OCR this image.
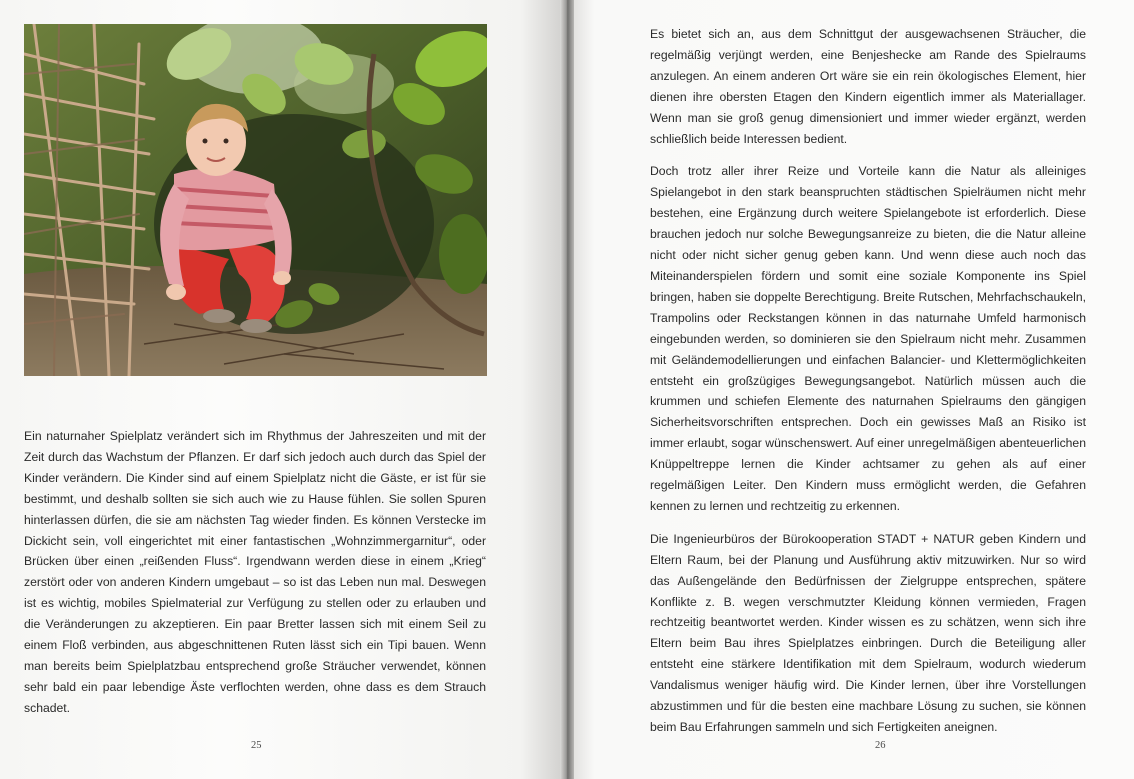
Ein naturnaher Spielplatz verändert sich im Rhythmus der Jahreszeiten und mit der Zeit durch das Wachstum der Pflanzen. Er darf sich jedoch auch durch das Spiel der Kinder verändern. Die Kinder sind auf einem Spielplatz nicht die Gäste, er ist für sie bestimmt, und deshalb sollten sie sich auch wie zu Hause fühlen. Sie sollen Spuren hinterlassen dürfen, die sie am nächsten Tag wieder finden. Es können Verstecke im Dickicht sein, voll eingerichtet mit einer fantastischen „Wohnzimmergarnitur“, oder Brücken über einen „reißenden Fluss“. Irgendwann werden diese in einem „Krieg“ zerstört oder von anderen Kindern umgebaut – so ist das Leben nun mal. Deswegen ist es wichtig, mobiles Spielmaterial zur Verfügung zu stellen oder zu erlauben und die Veränderungen zu akzeptieren. Ein paar Bretter lassen sich mit einem Seil zu einem Floß verbinden, aus abgeschnittenen Ruten lässt sich ein Tipi bauen. Wenn man bereits beim Spielplatzbau entsprechend große Sträucher verwendet, können sehr bald ein paar lebendige Äste verflochten werden, ohne dass es dem Strauch schadet.

25

Es bietet sich an, aus dem Schnittgut der ausgewachsenen Sträucher, die regelmäßig verjüngt werden, eine Benjeshecke am Rande des Spielraums anzulegen. An einem anderen Ort wäre sie ein rein ökologisches Element, hier dienen ihre obersten Etagen den Kindern eigentlich immer als Materiallager. Wenn man sie groß genug dimensioniert und immer wieder ergänzt, werden schließlich beide Interessen bedient.

Doch trotz aller ihrer Reize und Vorteile kann die Natur als alleiniges Spielangebot in den stark beanspruchten städtischen Spielräumen nicht mehr bestehen, eine Ergänzung durch weitere Spielangebote ist erforderlich. Diese brauchen jedoch nur solche Bewegungsanreize zu bieten, die die Natur alleine nicht oder nicht sicher genug geben kann. Und wenn diese auch noch das Miteinanderspielen fördern und somit eine soziale Komponente ins Spiel bringen, haben sie doppelte Berechtigung. Breite Rutschen, Mehrfachschaukeln, Trampolins oder Reckstangen können in das naturnahe Umfeld harmonisch eingebunden werden, so dominieren sie den Spielraum nicht mehr. Zusammen mit Geländemodellierungen und einfachen Balancier- und Klettermöglichkeiten entsteht ein großzügiges Bewegungsangebot. Natürlich müssen auch die krummen und schiefen Elemente des naturnahen Spielraums den gängigen Sicherheitsvorschriften entsprechen. Doch ein gewisses Maß an Risiko ist immer erlaubt, sogar wünschenswert. Auf einer unregelmäßigen abenteuerlichen Knüppeltreppe lernen die Kinder achtsamer zu gehen als auf einer regelmäßigen Leiter. Den Kindern muss ermöglicht werden, die Gefahren kennen zu lernen und rechtzeitig zu erkennen.

Die Ingenieurbüros der Bürokooperation STADT + NATUR geben Kindern und Eltern Raum, bei der Planung und Ausführung aktiv mitzuwirken. Nur so wird das Außengelände den Bedürfnissen der Zielgruppe entsprechen, spätere Konflikte z. B. wegen verschmutzter Kleidung können vermieden, Fragen rechtzeitig beantwortet werden. Kinder wissen es zu schätzen, wenn sich ihre Eltern beim Bau ihres Spielplatzes einbringen. Durch die Beteiligung aller entsteht eine stärkere Identifikation mit dem Spielraum, wodurch wiederum Vandalismus weniger häufig wird. Die Kinder lernen, über ihre Vorstellungen abzustimmen und für die besten eine machbare Lösung zu suchen, sie können beim Bau Erfahrungen sammeln und sich Fertigkeiten aneignen.

26
